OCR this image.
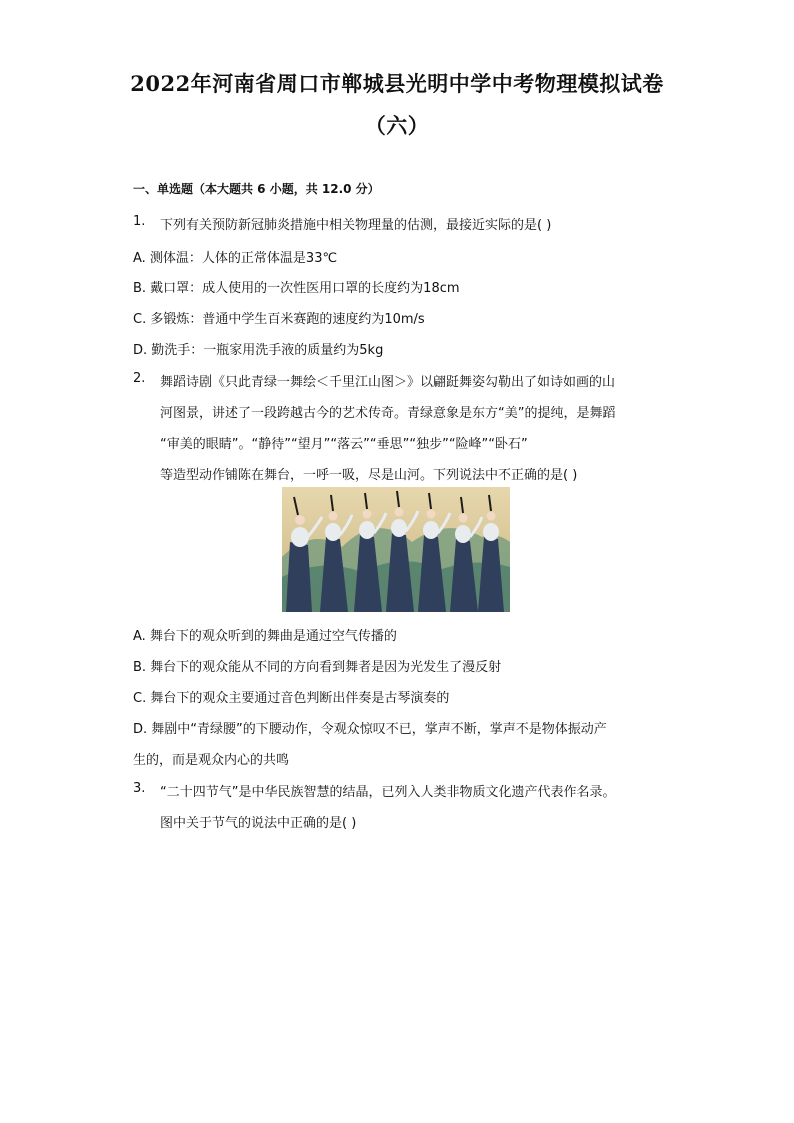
2022年河南省周口市郸城县光明中学中考物理模拟试卷
（六）
一、单选题（本大题共 6 小题，共 12.0 分）
1. 下列有关预防新冠肺炎措施中相关物理量的估测，最接近实际的是( )
A. 测体温：人体的正常体温是33℃
B. 戴口罩：成人使用的一次性医用口罩的长度约为18cm
C. 多锻炼：普通中学生百米赛跑的速度约为10m/s
D. 勤洗手：一瓶家用洗手液的质量约为5kg
2. 舞蹈诗剧《只此青绿一舞绘＜千里江山图＞》以翩跹舞姿勾勒出了如诗如画的山
河图景，讲述了一段跨越古今的艺术传奇。青绿意象是东方“美”的提纯，是舞蹈
“审美的眼睛”。“静待”“望月”“落云”“垂思”“独步”“险峰”“卧石”
等造型动作铺陈在舞台，一呼一吸，尽是山河。下列说法中不正确的是( )
A. 舞台下的观众听到的舞曲是通过空气传播的
B. 舞台下的观众能从不同的方向看到舞者是因为光发生了漫反射
C. 舞台下的观众主要通过音色判断出伴奏是古琴演奏的
D. 舞剧中“青绿腰”的下腰动作，令观众惊叹不已，掌声不断，掌声不是物体振动产
生的，而是观众内心的共鸣
3. “二十四节气”是中华民族智慧的结晶，已列入人类非物质文化遗产代表作名录。
图中关于节气的说法中正确的是( )
